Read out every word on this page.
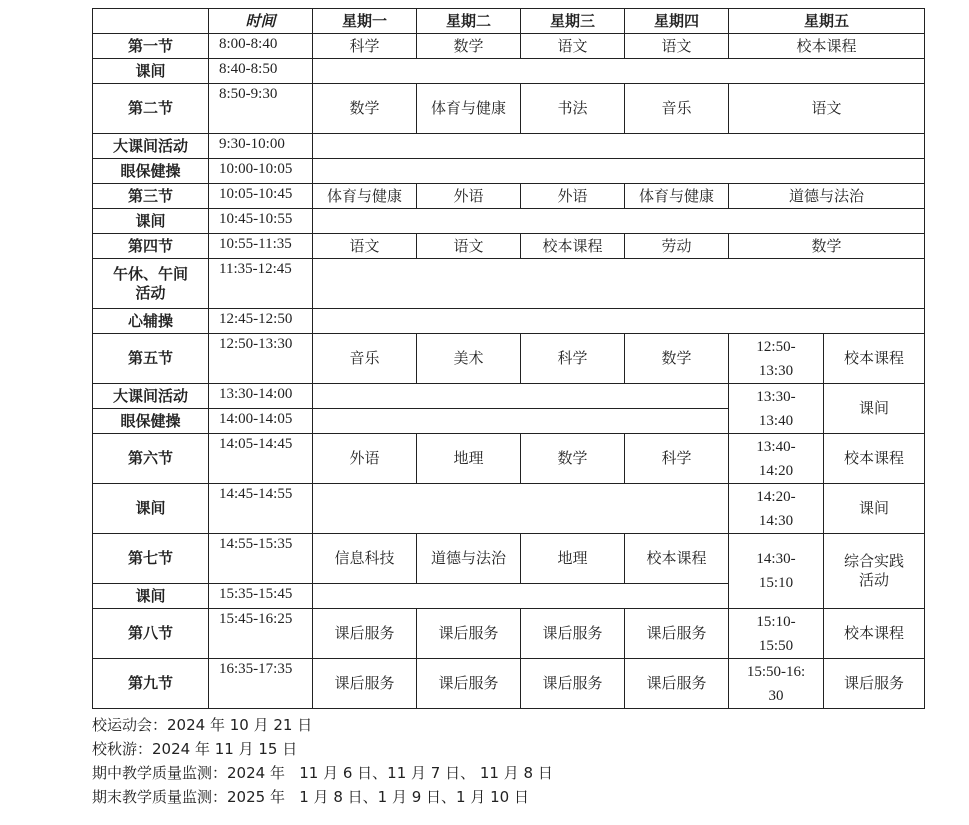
	时间	星期一	星期二	星期三	星期四	星期五	
第一节	8:00-8:40	科学	数学	语文	语文	校本课程	
课间	8:40-8:50						
第二节	8:50-9:30	数学	体育与健康	书法	音乐	语文	
大课间活动	9:30-10:00						
眼保健操	10:00-10:05						
第三节	10:05-10:45	体育与健康	外语	外语	体育与健康	道德与法治	
课间	10:45-10:55						
第四节	10:55-11:35	语文	语文	校本课程	劳动	数学	
午休、午间活动	11:35-12:45						
心辅操	12:45-12:50						
第五节	12:50-13:30	音乐	美术	科学	数学	12:50-13:30	校本课程
大课间活动	13:30-14:00					13:30-13:40	课间
眼保健操	14:00-14:05						
第六节	14:05-14:45	外语	地理	数学	科学	13:40-14:20	校本课程
课间	14:45-14:55					14:20-14:30	课间
第七节	14:55-15:35	信息科技	道德与法治	地理	校本课程	14:30-15:10	综合实践活动
课间	15:35-15:45						
第八节	15:45-16:25	课后服务	课后服务	课后服务	课后服务	15:10-15:50	校本课程
第九节	16:35-17:35	课后服务	课后服务	课后服务	课后服务	15:50-16: 30	课后服务
校运动会：2024 年 10 月 21 日
校秋游：2024 年 11 月 15 日
期中教学质量监测：2024 年   11 月 6 日、11 月 7 日、 11 月 8 日
期末教学质量监测：2025 年   1 月 8 日、1 月 9 日、1 月 10 日
